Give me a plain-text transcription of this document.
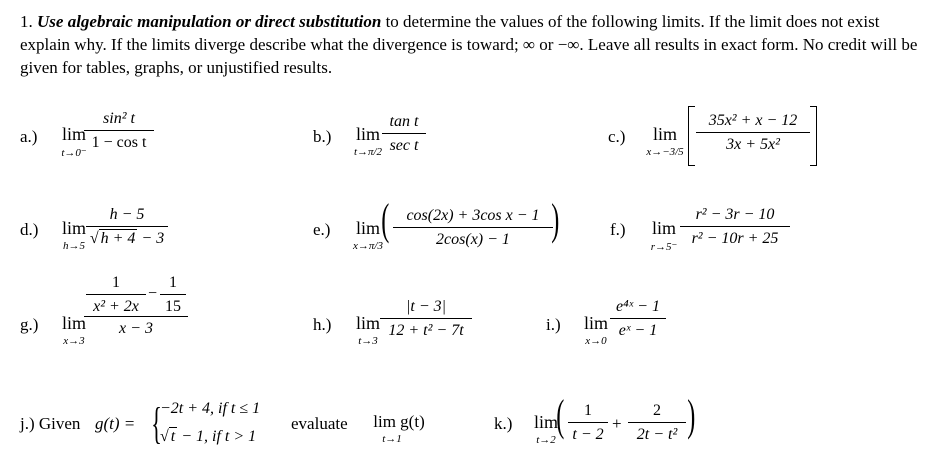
1. Use algebraic manipulation or direct substitution to determine the values of the following limits. If the limit does not exist explain why. If the limits diverge describe what the divergence is toward; ∞ or −∞. Leave all results in exact form. No credit will be given for tables, graphs, or unjustified results.
a.)	lim
t→0⁻
sin² t
1 − cos t	b.)	lim
t→π/2
tan t
sec t	c.)	lim
x→−3/5
35x² + x − 12
3x + 5x²
d.)	lim
h→5
h − 5
√ h + 4 − 3	e.)	lim
x→π/3
(	cos(2x) + 3cos x − 1
2cos(x) − 1 )	f.)	lim
r→5⁻
r² − 3r − 10
r² − 10r + 25
g.)	lim
x→3
1
x² + 2x
−
1
15
x − 3	h.)	lim
t→3
|t − 3|
12 + t² − 7t	i.)	lim
x→0
e⁴ˣ − 1
eˣ − 1
j.) Given g(t) = {
−2t + 4, if t ≤ 1
√ t − 1, if t > 1
evaluate	lim g(t)
t→1
k.)	lim
t→2 (	1
t − 2
+
2
2t − t² )
